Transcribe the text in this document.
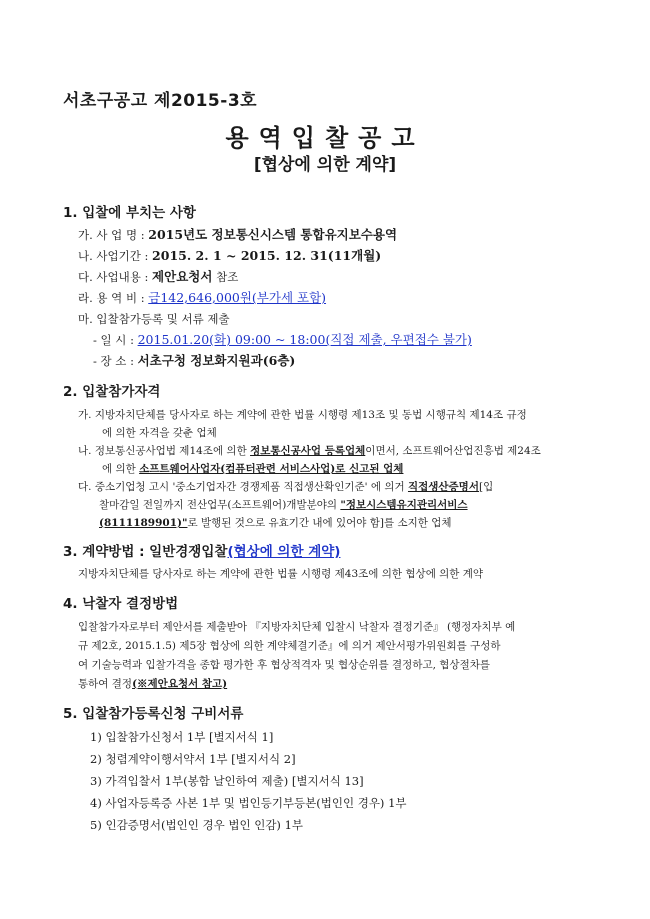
서초구공고 제2015-3호
용역입찰공고
[협상에 의한 계약]
1. 입찰에 부치는 사항
가. 사 업 명 : 2015년도 정보통신시스템 통합유지보수용역
나. 사업기간 : 2015. 2. 1 ~ 2015. 12. 31(11개월)
다. 사업내용 : 제안요청서 참조
라. 용 역 비 : 금142,646,000원(부가세 포함)
마. 입찰참가등록 및 서류 제출
- 일 시 : 2015.01.20(화) 09:00 ~ 18:00(직접 제출, 우편접수 불가)
- 장 소 : 서초구청 정보화지원과(6층)
2. 입찰참가자격
가. 지방자치단체를 당사자로 하는 계약에 관한 법률 시행령 제13조 및 동법 시행규칙 제14조 규정
에 의한 자격을 갖춘 업체
나. 정보통신공사업법 제14조에 의한 정보통신공사업 등록업체이면서, 소프트웨어산업진흥법 제24조
에 의한 소프트웨어사업자(컴퓨터관련 서비스사업)로 신고된 업체
다. 중소기업청 고시 '중소기업자간 경쟁제품 직접생산확인기준' 에 의거 직접생산증명서[입
찰마감일 전일까지 전산업무(소프트웨어)개발분야의 "정보시스템유지관리서비스
(8111189901)"로 발행된 것으로 유효기간 내에 있어야 함]를 소지한 업체
3. 계약방법 : 일반경쟁입찰(협상에 의한 계약)
지방자치단체를 당사자로 하는 계약에 관한 법률 시행령 제43조에 의한 협상에 의한 계약
4. 낙찰자 결정방법
입찰참가자로부터 제안서를 제출받아 『지방자치단체 입찰시 낙찰자 결정기준』 (행정자치부 예
규 제2호, 2015.1.5) 제5장 협상에 의한 계약체결기준』에 의거 제안서평가위원회를 구성하
여 기술능력과 입찰가격을 종합 평가한 후 협상적격자 및 협상순위를 결정하고, 협상절차를
통하여 결정(※제안요청서 참고)
5. 입찰참가등록신청 구비서류
1) 입찰참가신청서 1부 [별지서식 1]
2) 청렴계약이행서약서 1부 [별지서식 2]
3) 가격입찰서 1부(봉함 날인하여 제출) [별지서식 13]
4) 사업자등록증 사본 1부 및 법인등기부등본(법인인 경우) 1부
5) 인감증명서(법인인 경우 법인 인감) 1부
